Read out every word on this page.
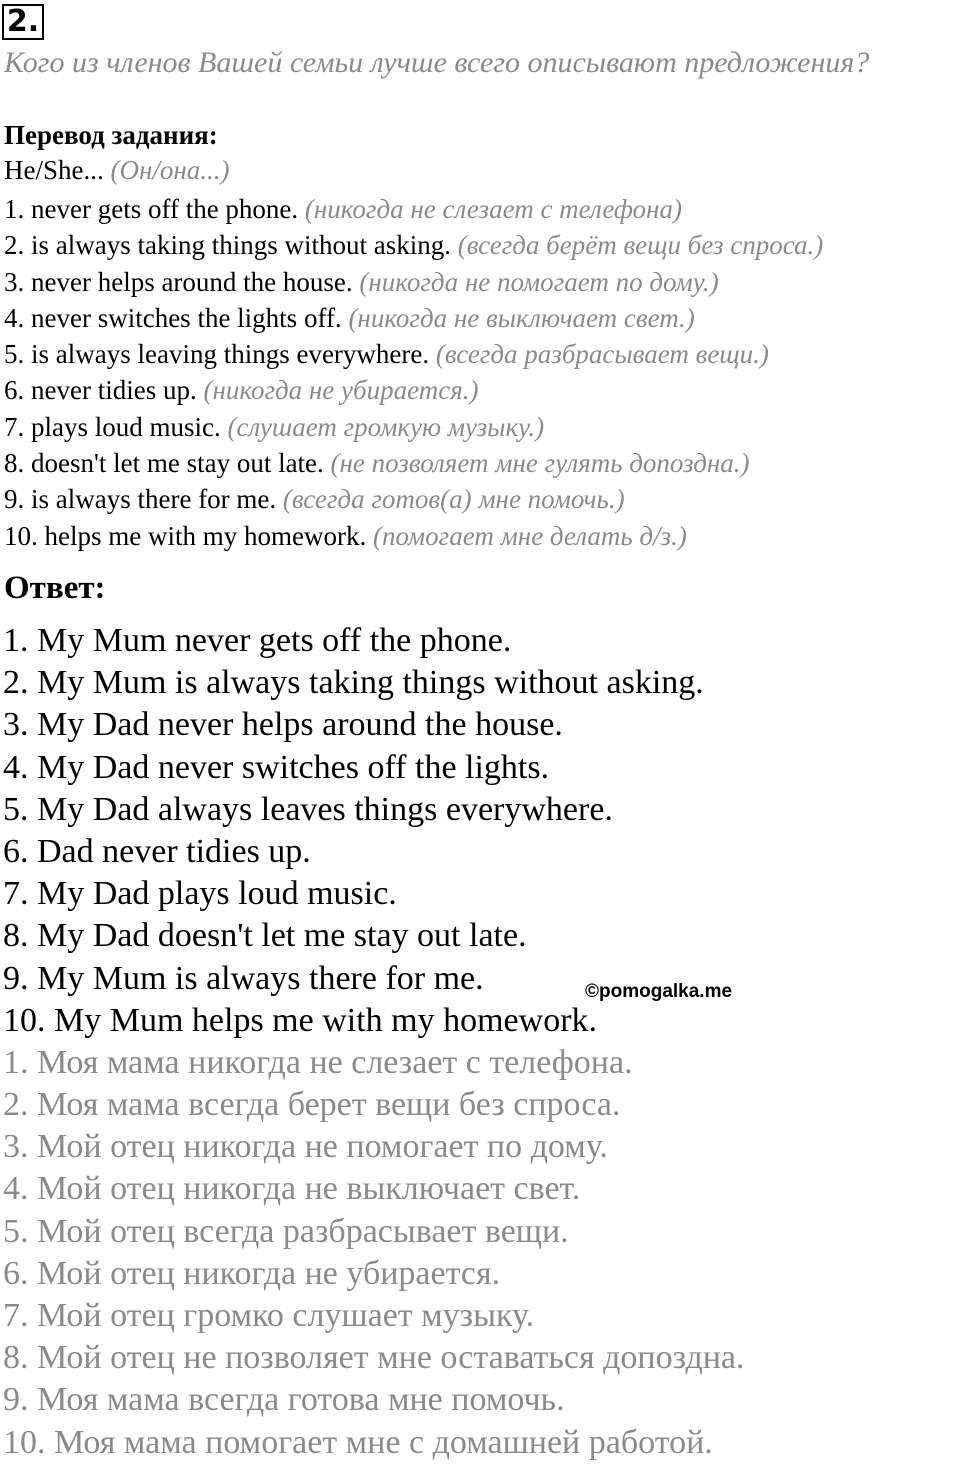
2.
Кого из членов Вашей семьи лучше всего описывают предложения?
Перевод задания:
He/She... (Он/она...)
1. never gets off the phone. (никогда не слезает с телефона)
2. is always taking things without asking. (всегда берёт вещи без спроса.)
3. never helps around the house. (никогда не помогает по дому.)
4. never switches the lights off. (никогда не выключает свет.)
5. is always leaving things everywhere. (всегда разбрасывает вещи.)
6. never tidies up. (никогда не убирается.)
7. plays loud music. (слушает громкую музыку.)
8. doesn't let me stay out late. (не позволяет мне гулять допоздна.)
9. is always there for me. (всегда готов(а) мне помочь.)
10. helps me with my homework. (помогает мне делать д/з.)
Ответ:
1. My Mum never gets off the phone.
2. My Mum is always taking things without asking.
3. My Dad never helps around the house.
4. My Dad never switches off the lights.
5. My Dad always leaves things everywhere.
6. Dad never tidies up.
7. My Dad plays loud music.
8. My Dad doesn't let me stay out late.
9. My Mum is always there for me.
10. My Mum helps me with my homework.
1. Моя мама никогда не слезает с телефона.
2. Моя мама всегда берет вещи без спроса.
3. Мой отец никогда не помогает по дому.
4. Мой отец никогда не выключает свет.
5. Мой отец всегда разбрасывает вещи.
6. Мой отец никогда не убирается.
7. Мой отец громко слушает музыку.
8. Мой отец не позволяет мне оставаться допоздна.
9. Моя мама всегда готова мне помочь.
10. Моя мама помогает мне с домашней работой.
©pomogalka.me
